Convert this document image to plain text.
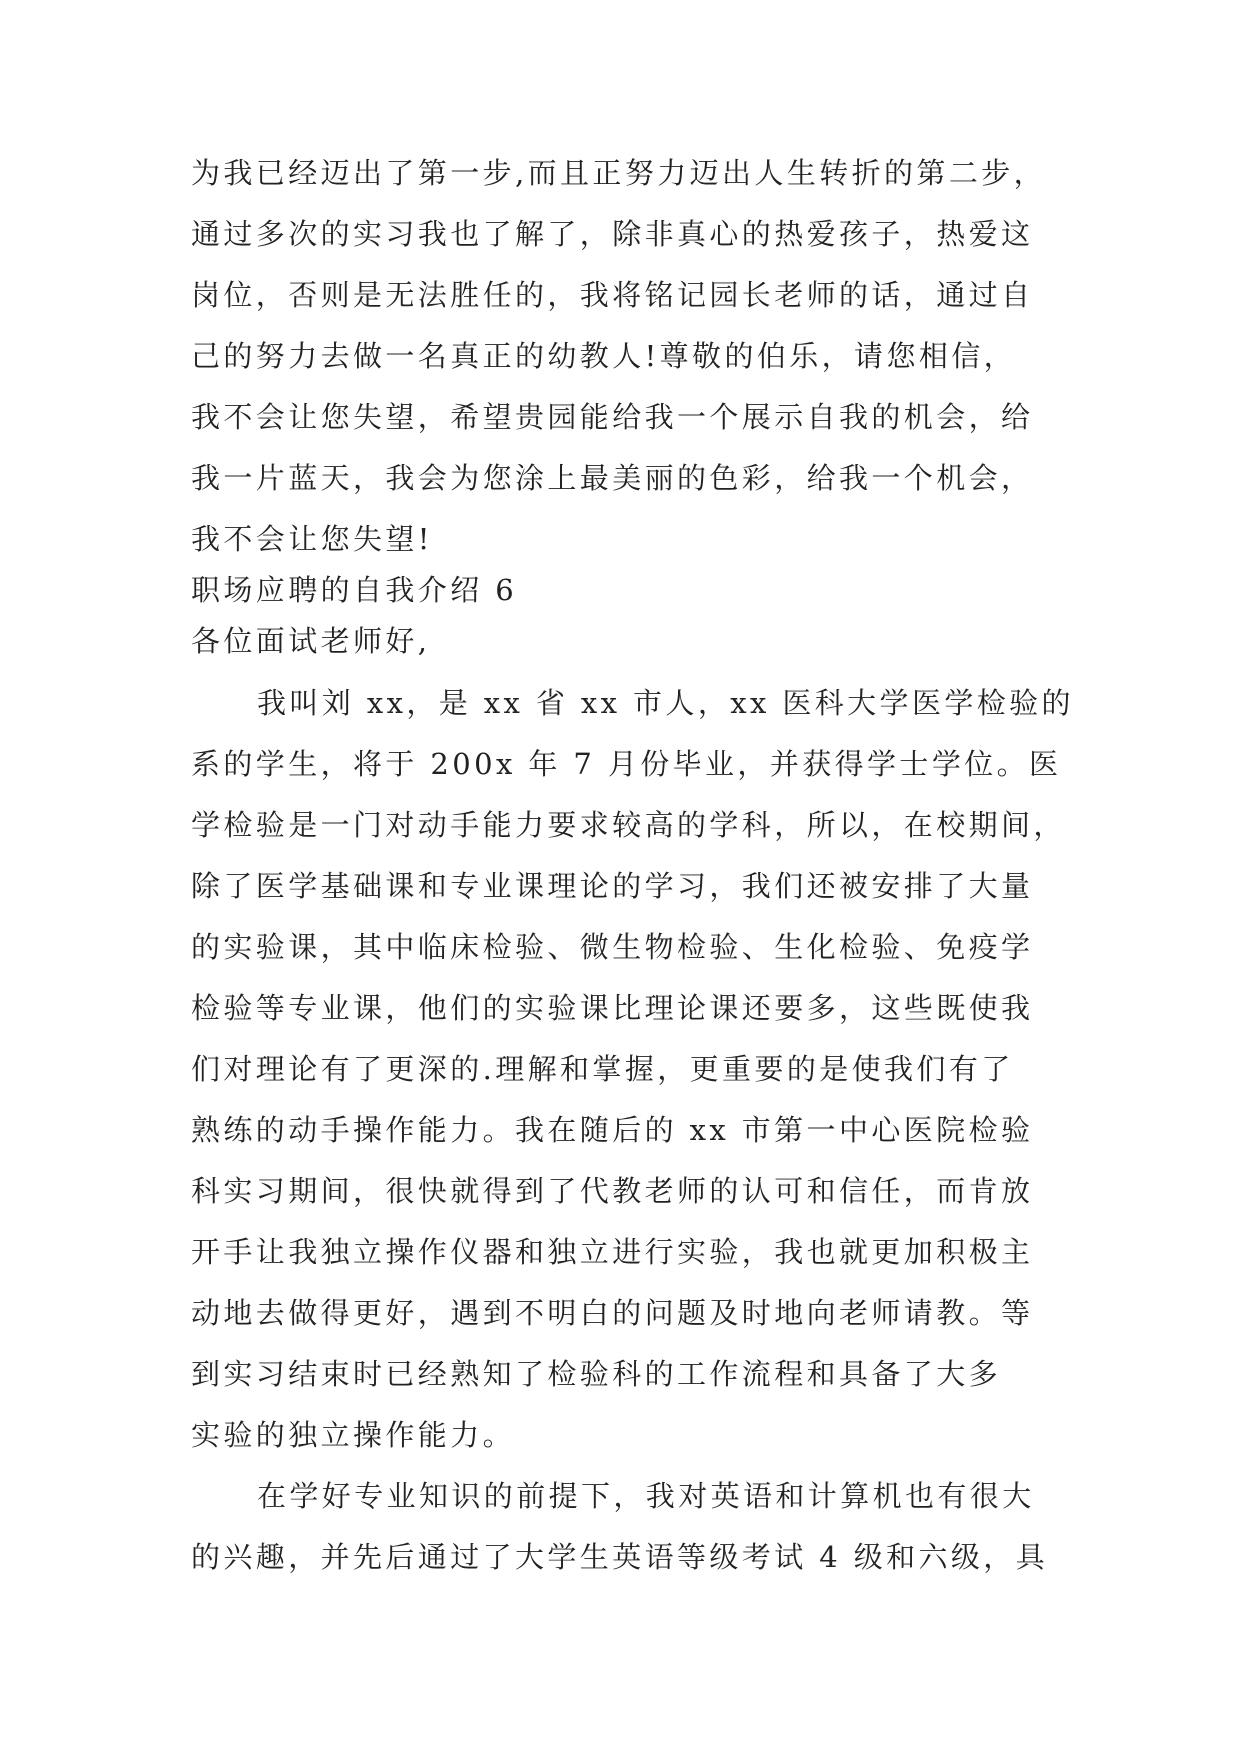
为我已经迈出了第一步,而且正努力迈出人生转折的第二步，
通过多次的实习我也了解了，除非真心的热爱孩子，热爱这
岗位，否则是无法胜任的，我将铭记园长老师的话，通过自
己的努力去做一名真正的幼教人!尊敬的伯乐，请您相信，
我不会让您失望，希望贵园能给我一个展示自我的机会，给
我一片蓝天，我会为您涂上最美丽的色彩，给我一个机会，
我不会让您失望!
职场应聘的自我介绍 6
各位面试老师好,
我叫刘 xx，是 xx 省 xx 市人，xx 医科大学医学检验的
系的学生，将于 200x 年 7 月份毕业，并获得学士学位。医
学检验是一门对动手能力要求较高的学科，所以，在校期间，
除了医学基础课和专业课理论的学习，我们还被安排了大量
的实验课，其中临床检验、微生物检验、生化检验、免疫学
检验等专业课，他们的实验课比理论课还要多，这些既使我
们对理论有了更深的.理解和掌握，更重要的是使我们有了
熟练的动手操作能力。我在随后的 xx 市第一中心医院检验
科实习期间，很快就得到了代教老师的认可和信任，而肯放
开手让我独立操作仪器和独立进行实验，我也就更加积极主
动地去做得更好，遇到不明白的问题及时地向老师请教。等
到实习结束时已经熟知了检验科的工作流程和具备了大多
实验的独立操作能力。
在学好专业知识的前提下，我对英语和计算机也有很大
的兴趣，并先后通过了大学生英语等级考试 4 级和六级，具
